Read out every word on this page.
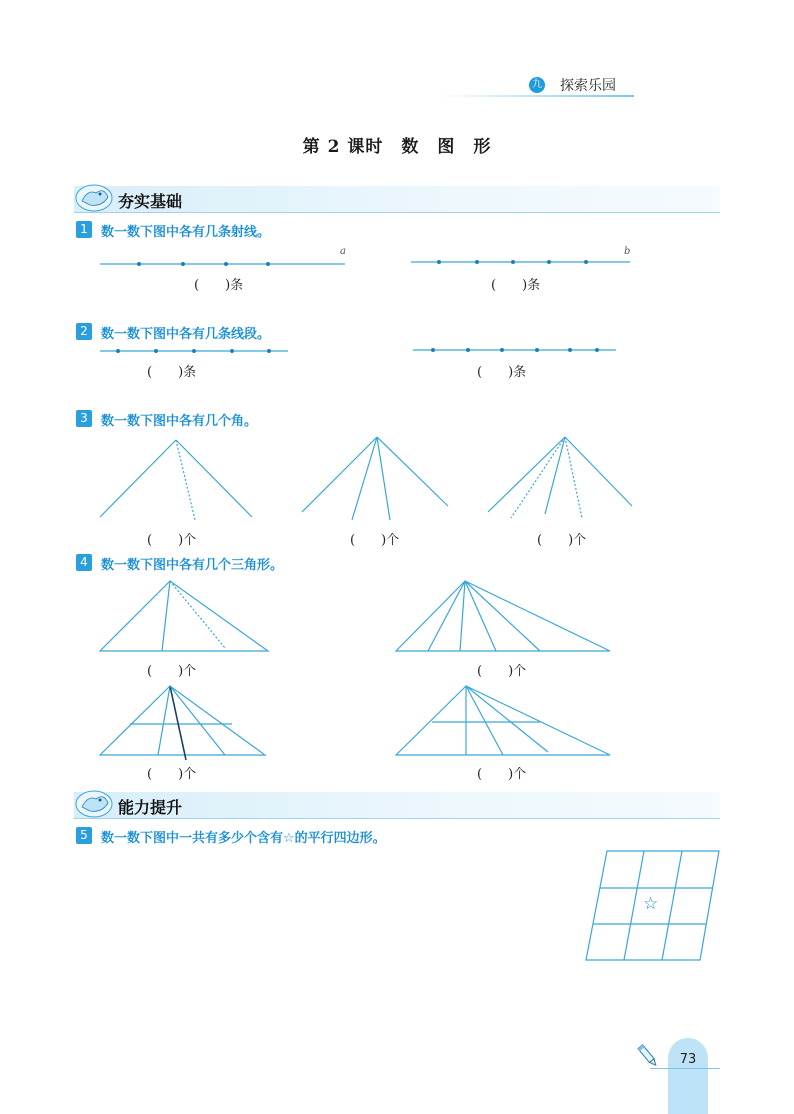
九 探索乐园
第 2 课时　数　图　形
夯实基础
1	数一数下图中各有几条射线。
(　　)条	(　　)条
a	b
2	数一数下图中各有几条线段。
(　　)条	(　　)条
3	数一数下图中各有几个角。
(　　)个	(　　)个	(　　)个
4	数一数下图中各有几个三角形。
(　　)个	(　　)个
(　　)个	(　　)个
能力提升
5	数一数下图中一共有多少个含有☆的平行四边形。
☆
73
